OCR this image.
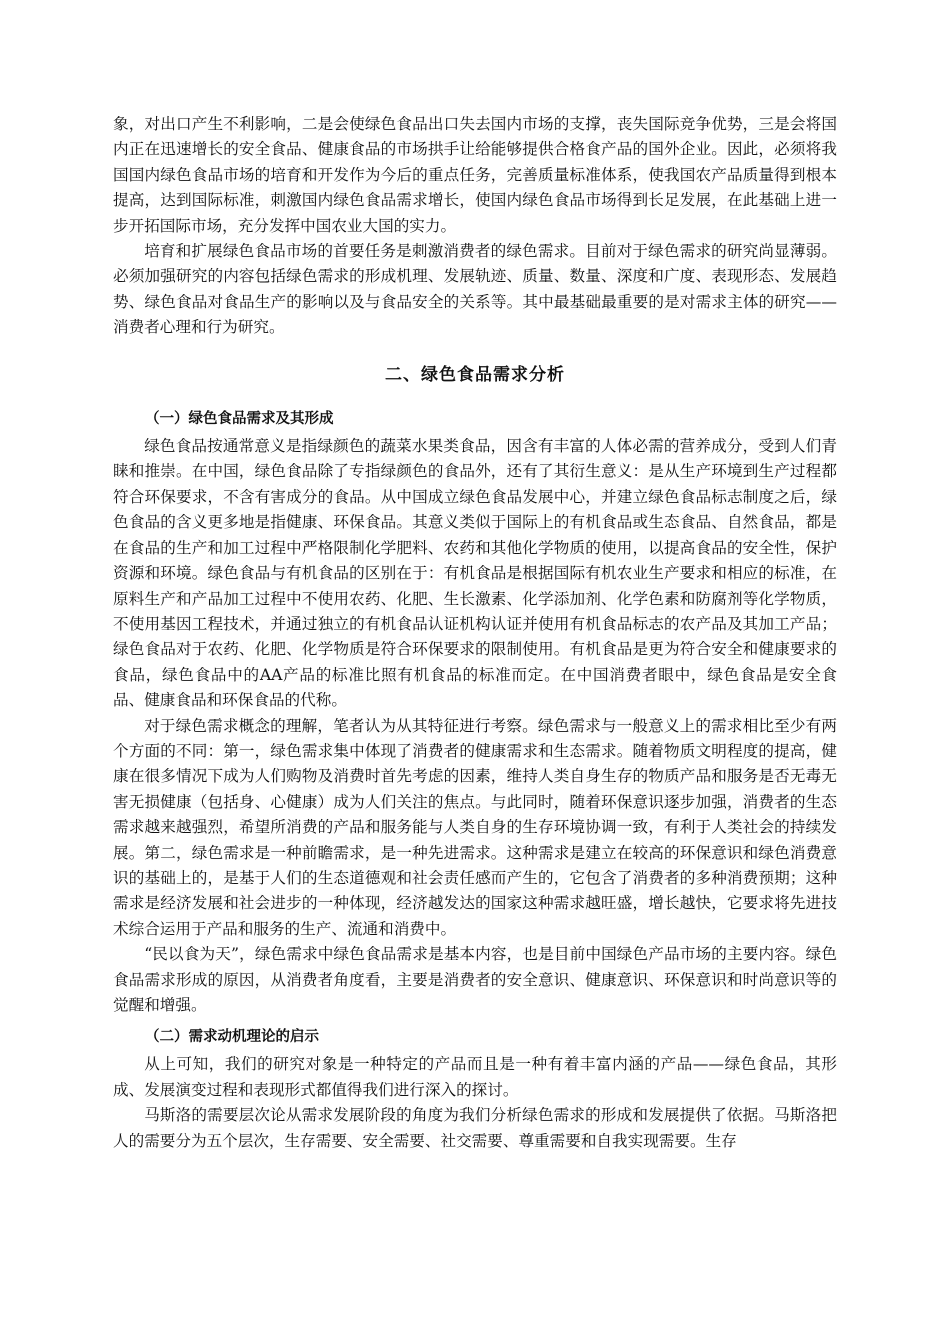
象，对出口产生不利影响，二是会使绿色食品出口失去国内市场的支撑，丧失国际竞争优势，三是会将国内正在迅速增长的安全食品、健康食品的市场拱手让给能够提供合格食产品的国外企业。因此，必须将我国国内绿色食品市场的培育和开发作为今后的重点任务，完善质量标准体系，使我国农产品质量得到根本提高，达到国际标准，刺激国内绿色食品需求增长，使国内绿色食品市场得到长足发展，在此基础上进一步开拓国际市场，充分发挥中国农业大国的实力。

培育和扩展绿色食品市场的首要任务是刺激消费者的绿色需求。目前对于绿色需求的研究尚显薄弱。必须加强研究的内容包括绿色需求的形成机理、发展轨迹、质量、数量、深度和广度、表现形态、发展趋势、绿色食品对食品生产的影响以及与食品安全的关系等。其中最基础最重要的是对需求主体的研究——消费者心理和行为研究。

二、绿色食品需求分析
（一）绿色食品需求及其形成

绿色食品按通常意义是指绿颜色的蔬菜水果类食品，因含有丰富的人体必需的营养成分，受到人们青睐和推崇。在中国，绿色食品除了专指绿颜色的食品外，还有了其衍生意义：是从生产环境到生产过程都符合环保要求，不含有害成分的食品。从中国成立绿色食品发展中心，并建立绿色食品标志制度之后，绿色食品的含义更多地是指健康、环保食品。其意义类似于国际上的有机食品或生态食品、自然食品，都是在食品的生产和加工过程中严格限制化学肥料、农药和其他化学物质的使用，以提高食品的安全性，保护资源和环境。绿色食品与有机食品的区别在于：有机食品是根据国际有机农业生产要求和相应的标准，在原料生产和产品加工过程中不使用农药、化肥、生长激素、化学添加剂、化学色素和防腐剂等化学物质，不使用基因工程技术，并通过独立的有机食品认证机构认证并使用有机食品标志的农产品及其加工产品；绿色食品对于农药、化肥、化学物质是符合环保要求的限制使用。有机食品是更为符合安全和健康要求的食品，绿色食品中的AA产品的标准比照有机食品的标准而定。在中国消费者眼中，绿色食品是安全食品、健康食品和环保食品的代称。

对于绿色需求概念的理解，笔者认为从其特征进行考察。绿色需求与一般意义上的需求相比至少有两个方面的不同：第一，绿色需求集中体现了消费者的健康需求和生态需求。随着物质文明程度的提高，健康在很多情况下成为人们购物及消费时首先考虑的因素，维持人类自身生存的物质产品和服务是否无毒无害无损健康（包括身、心健康）成为人们关注的焦点。与此同时，随着环保意识逐步加强，消费者的生态需求越来越强烈，希望所消费的产品和服务能与人类自身的生存环境协调一致，有利于人类社会的持续发展。第二，绿色需求是一种前瞻需求，是一种先进需求。这种需求是建立在较高的环保意识和绿色消费意识的基础上的，是基于人们的生态道德观和社会责任感而产生的，它包含了消费者的多种消费预期；这种需求是经济发展和社会进步的一种体现，经济越发达的国家这种需求越旺盛，增长越快，它要求将先进技术综合运用于产品和服务的生产、流通和消费中。

“民以食为天”，绿色需求中绿色食品需求是基本内容，也是目前中国绿色产品市场的主要内容。绿色食品需求形成的原因，从消费者角度看，主要是消费者的安全意识、健康意识、环保意识和时尚意识等的觉醒和增强。

（二）需求动机理论的启示

从上可知，我们的研究对象是一种特定的产品而且是一种有着丰富内涵的产品——绿色食品，其形成、发展演变过程和表现形式都值得我们进行深入的探讨。

马斯洛的需要层次论从需求发展阶段的角度为我们分析绿色需求的形成和发展提供了依据。马斯洛把人的需要分为五个层次，生存需要、安全需要、社交需要、尊重需要和自我实现需要。生存
